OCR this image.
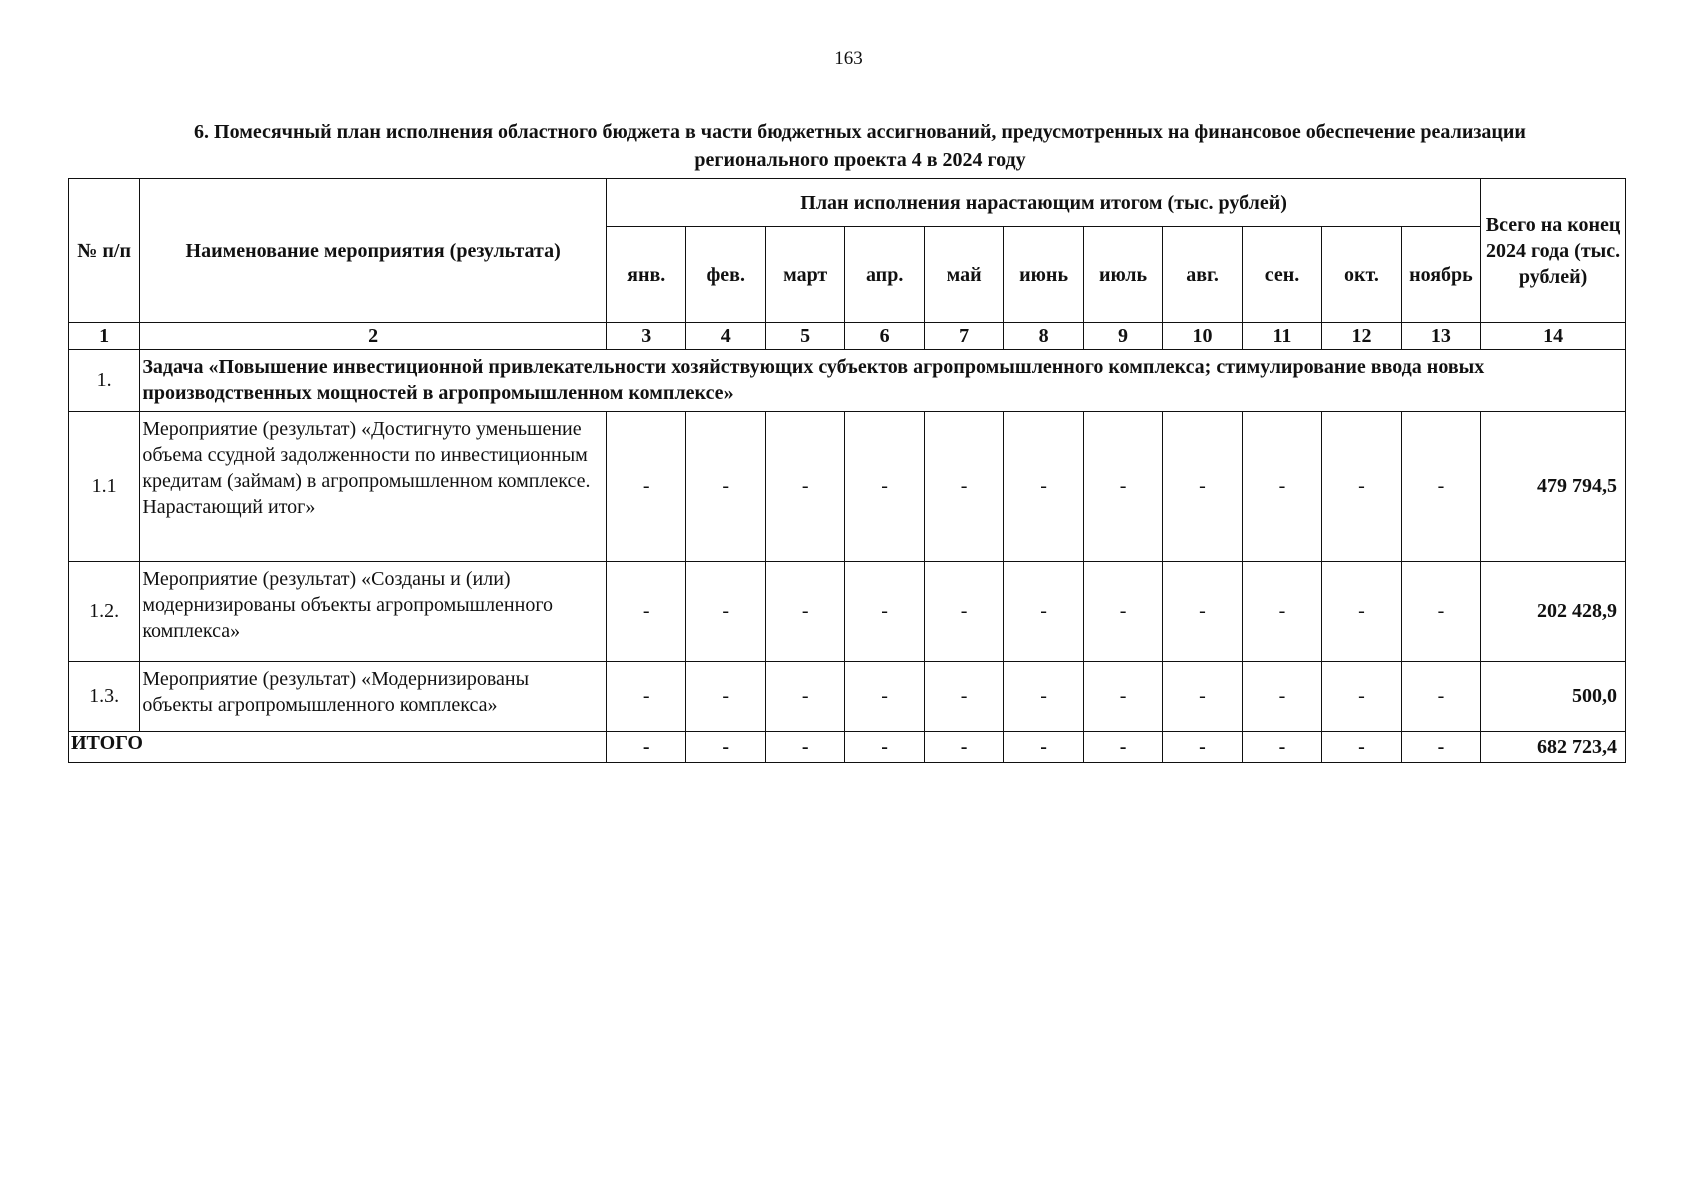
163
6. Помесячный план исполнения областного бюджета в части бюджетных ассигнований, предусмотренных на финансовое обеспечение реализации
регионального проекта 4 в 2024 году
№ п/п	Наименование мероприятия (результата)	План исполнения нарастающим итогом (тыс. рублей)											Всего на конец 2024 года (тыс. рублей)
		янв.	фев.	март	апр.	май	июнь	июль	авг.	сен.	окт.	ноябрь	
1	2	3	4	5	6	7	8	9	10	11	12	13	14
1.	Задача «Повышение инвестиционной привлекательности хозяйствующих субъектов агропромышленного комплекса; стимулирование ввода новых производственных мощностей в агропромышленном комплексе»												
1.1	Мероприятие (результат) «Достигнуто уменьшение объема ссудной задолженности по инвестиционным кредитам (займам) в агропромышленном комплексе. Нарастающий итог»	-	-	-	-	-	-	-	-	-	-	-	479 794,5
1.2.	Мероприятие (результат) «Созданы и (или) модернизированы объекты агропромышленного комплекса»	-	-	-	-	-	-	-	-	-	-	-	202 428,9
1.3.	Мероприятие (результат) «Модернизированы объекты агропромышленного комплекса»	-	-	-	-	-	-	-	-	-	-	-	500,0
ИТОГО		-	-	-	-	-	-	-	-	-	-	-	682 723,4
